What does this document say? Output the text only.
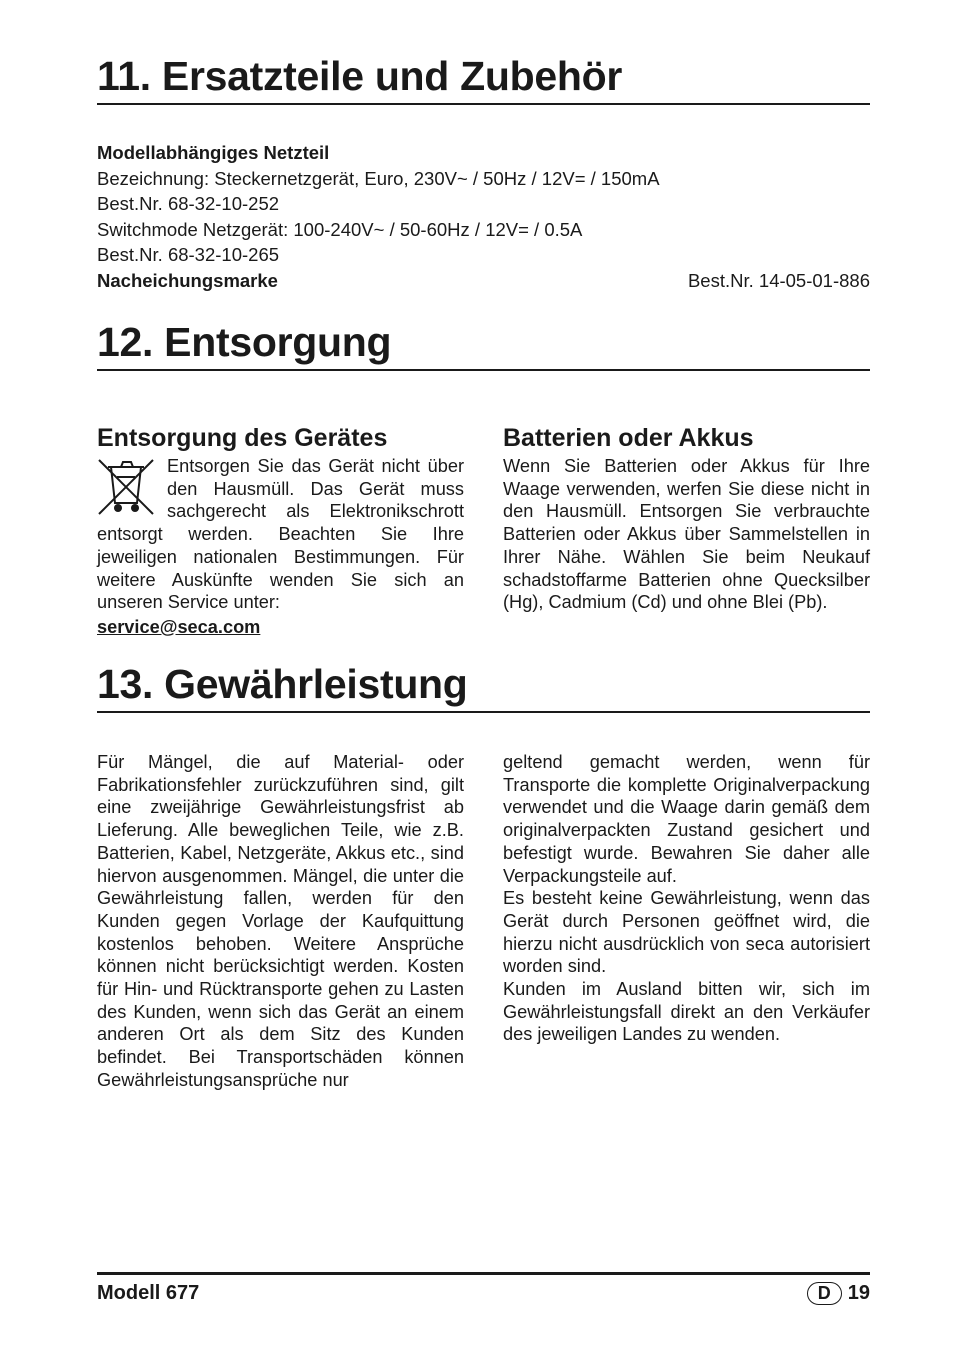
11. Ersatzteile und Zubehör
Modellabhängiges Netzteil
Bezeichnung: Steckernetzgerät, Euro, 230V~ / 50Hz / 12V= / 150mA
Best.Nr. 68-32-10-252
Switchmode Netzgerät: 100-240V~ / 50-60Hz / 12V= / 0.5A
Best.Nr. 68-32-10-265
Nacheichungsmarke	Best.Nr. 14-05-01-886
12. Entsorgung
Entsorgung des Gerätes

Entsorgen Sie das Gerät nicht über den Hausmüll. Das Gerät muss sachgerecht als Elektronikschrott entsorgt werden. Beachten Sie Ihre jeweiligen nationalen Bestimmungen. Für weitere Auskünfte wenden Sie sich an unseren Service unter:

service@seca.com
Batterien oder Akkus

Wenn Sie Batterien oder Akkus für Ihre Waage verwenden, werfen Sie diese nicht in den Hausmüll. Entsorgen Sie verbrauchte Batterien oder Akkus über Sammelstellen in Ihrer Nähe. Wählen Sie beim Neukauf schadstoffarme Batterien ohne Quecksilber (Hg), Cadmium (Cd) und ohne Blei (Pb).

13. Gewährleistung

Für Mängel, die auf Material- oder Fabrikationsfehler zurückzuführen sind, gilt eine zweijährige Gewährleistungsfrist ab Lieferung. Alle beweglichen Teile, wie z.B. Batterien, Kabel, Netzgeräte, Akkus etc., sind hiervon ausgenommen. Mängel, die unter die Gewährleistung fallen, werden für den Kunden gegen Vorlage der Kaufquittung kostenlos behoben. Weitere Ansprüche können nicht berücksichtigt werden. Kosten für Hin- und Rücktransporte gehen zu Lasten des Kunden, wenn sich das Gerät an einem anderen Ort als dem Sitz des Kunden befindet. Bei Transportschäden können Gewährleistungsansprüche nur

geltend gemacht werden, wenn für Transporte die komplette Originalverpackung verwendet und die Waage darin gemäß dem originalverpackten Zustand gesichert und befestigt wurde. Bewahren Sie daher alle Verpackungsteile auf.

Es besteht keine Gewährleistung, wenn das Gerät durch Personen geöffnet wird, die hierzu nicht ausdrücklich von seca autorisiert worden sind.

Kunden im Ausland bitten wir, sich im Gewährleistungsfall direkt an den Verkäufer des jeweiligen Landes zu wenden.

Modell 677	D 19
